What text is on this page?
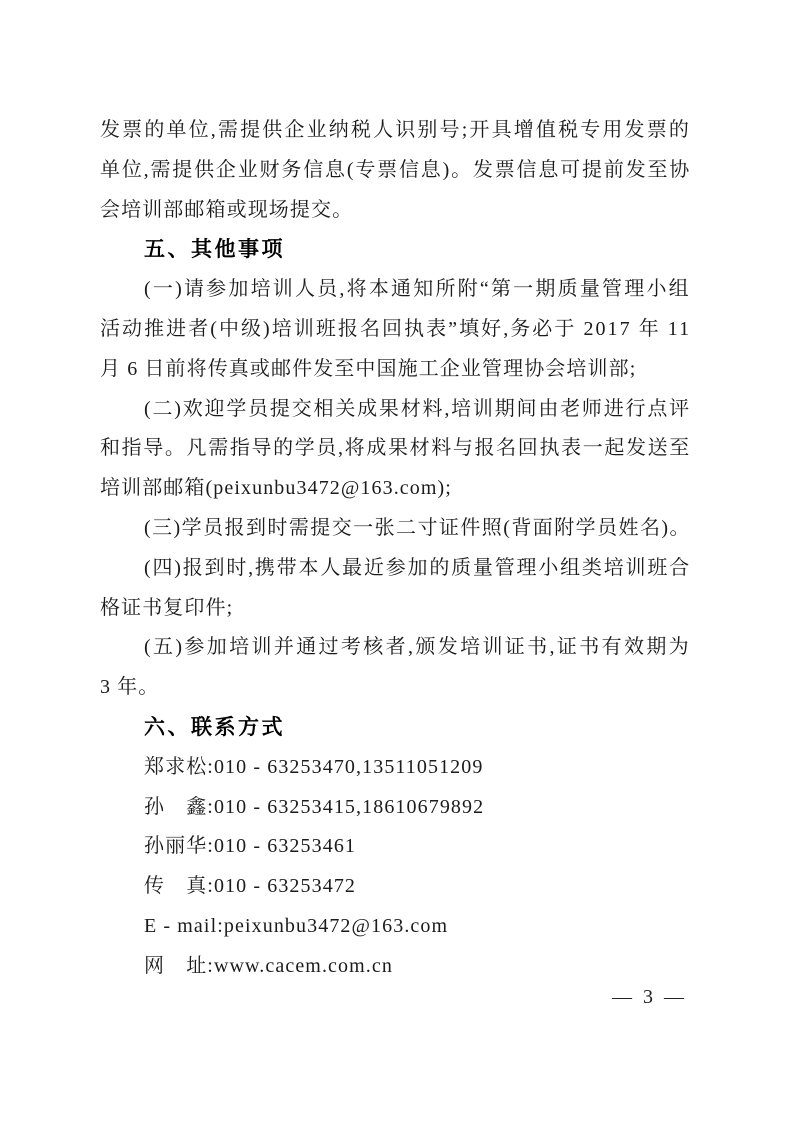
发票的单位,需提供企业纳税人识别号;开具增值税专用发票的
单位,需提供企业财务信息(专票信息)。发票信息可提前发至协
会培训部邮箱或现场提交。
五、其他事项
(一)请参加培训人员,将本通知所附“第一期质量管理小组
活动推进者(中级)培训班报名回执表”填好,务必于 2017 年 11
月 6 日前将传真或邮件发至中国施工企业管理协会培训部;
(二)欢迎学员提交相关成果材料,培训期间由老师进行点评
和指导。凡需指导的学员,将成果材料与报名回执表一起发送至
培训部邮箱(peixunbu3472@163.com);
(三)学员报到时需提交一张二寸证件照(背面附学员姓名)。
(四)报到时,携带本人最近参加的质量管理小组类培训班合
格证书复印件;
(五)参加培训并通过考核者,颁发培训证书,证书有效期为
3 年。
六、联系方式
郑求松:010 - 63253470,13511051209
孙　鑫:010 - 63253415,18610679892
孙丽华:010 - 63253461
传　真:010 - 63253472
E - mail:peixunbu3472@163.com
网　址:www.cacem.com.cn
— 3 —
